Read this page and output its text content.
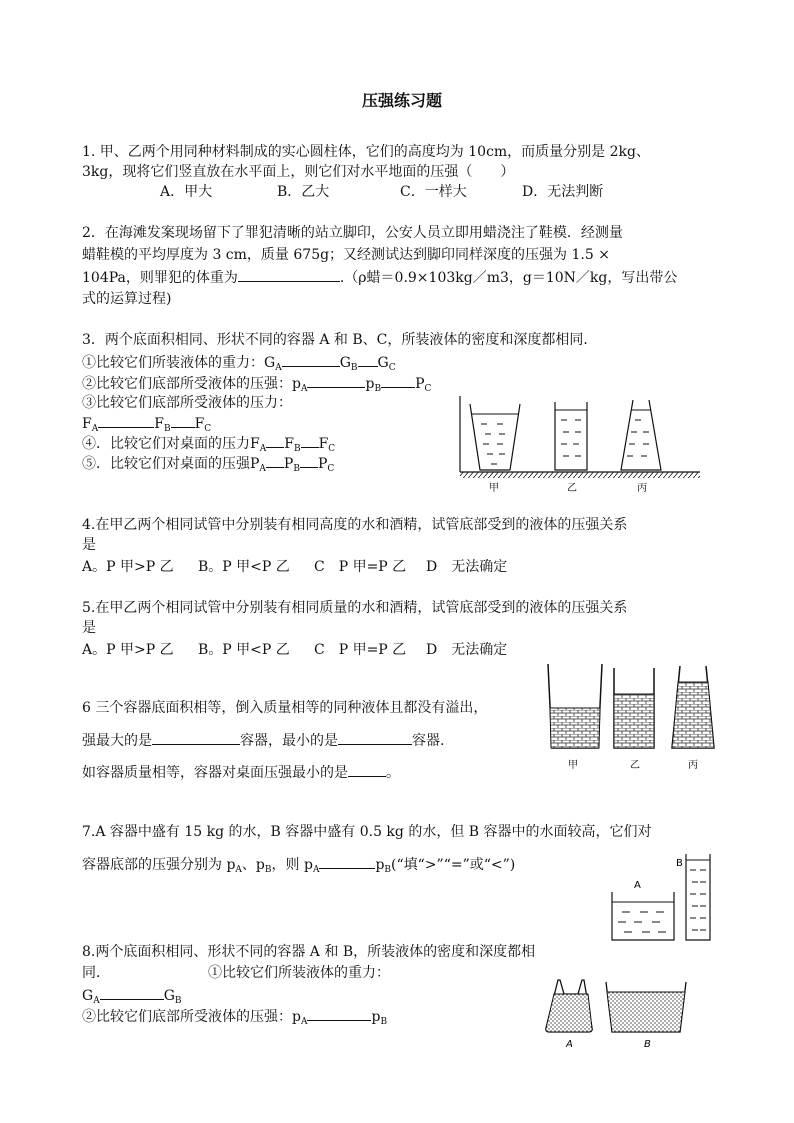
压强练习题
1. 甲、乙两个用同种材料制成的实心圆柱体，它们的高度均为 10cm，而质量分别是 2kg、
3kg，现将它们竖直放在水平面上，则它们对水平地面的压强（　　）
A．甲大	B．乙大	C．一样大	D．无法判断
2．在海滩发案现场留下了罪犯清晰的站立脚印，公安人员立即用蜡浇注了鞋模．经测量
蜡鞋模的平均厚度为 3 cm，质量 675g；又经测试达到脚印同样深度的压强为 1.5 ×
104Pa，则罪犯的体重为	.（ρ蜡＝0.9×103kg／m3，g＝10N／kg，写出带公
式的运算过程)
3．两个底面积相同、形状不同的容器 A 和 B、C，所装液体的密度和深度都相同．
①比较它们所装液体的重力：$G_A$	$G_B$ $G_C$
②比较它们底部所受液体的压强：$p_A$	$p_B$ $P_C$
③比较它们底部所受液体的压力：
$F_A$	$F_B$ $F_C$
④．比较它们对桌面的压力$F_A$ $F_B$ $F_C$
⑤．比较它们对桌面的压强$P_A$ $P_B$ $P_C$
甲	乙	丙
4.在甲乙两个相同试管中分别装有相同高度的水和酒精，试管底部受到的液体的压强关系
是
A。P 甲>P 乙 B。P 甲<P 乙 C　P 甲=P 乙 D　无法确定
5.在甲乙两个相同试管中分别装有相同质量的水和酒精，试管底部受到的液体的压强关系
是
A。P 甲>P 乙 B。P 甲<P 乙 C　P 甲=P 乙 D　无法确定
6 三个容器底面积相等，倒入质量相等的同种液体且都没有溢出，
强最大的是	容器，最小的是	容器.
如容器质量相等，容器对桌面压强最小的是	。	甲	乙	丙
7.A 容器中盛有 15 kg 的水，B 容器中盛有 0.5 kg 的水，但 B 容器中的水面较高，它们对
容器底部的压强分别为 $p_A$、$p_B$，则 $p_A$	$p_B(“$填“>”“=”或“<”)
A
B
8.两个底面积相同、形状不同的容器 A 和 B，所装液体的密度和深度都相
同．	①比较它们所装液体的重力：
$G_A$	$G_B$
②比较它们底部所受液体的压强：$p_A$	$p_B$
A	B
